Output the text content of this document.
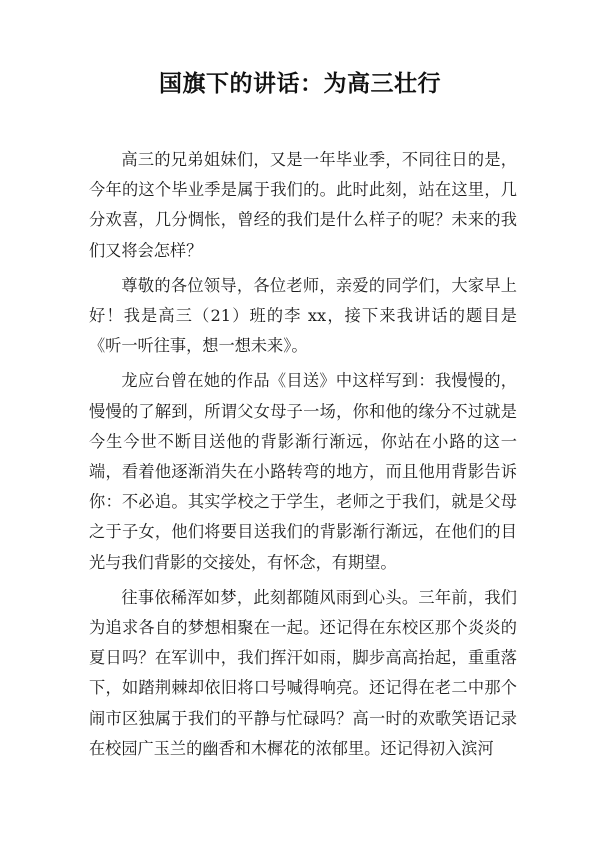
国旗下的讲话：为高三壮行

高三的兄弟姐妹们，又是一年毕业季，不同往日的是，今年的这个毕业季是属于我们的。此时此刻，站在这里，几分欢喜，几分惆怅，曾经的我们是什么样子的呢？未来的我们又将会怎样？

尊敬的各位领导，各位老师，亲爱的同学们，大家早上好！我是高三（21）班的李 xx，接下来我讲话的题目是《听一听往事，想一想未来》。

龙应台曾在她的作品《目送》中这样写到：我慢慢的，慢慢的了解到，所谓父女母子一场，你和他的缘分不过就是今生今世不断目送他的背影渐行渐远，你站在小路的这一端，看着他逐渐消失在小路转弯的地方，而且他用背影告诉你：不必追。其实学校之于学生，老师之于我们，就是父母之于子女，他们将要目送我们的背影渐行渐远，在他们的目光与我们背影的交接处，有怀念，有期望。

往事依稀浑如梦，此刻都随风雨到心头。三年前，我们为追求各自的梦想相聚在一起。还记得在东校区那个炎炎的夏日吗？在军训中，我们挥汗如雨，脚步高高抬起，重重落下，如踏荆棘却依旧将口号喊得响亮。还记得在老二中那个闹市区独属于我们的平静与忙碌吗？高一时的欢歌笑语记录在校园广玉兰的幽香和木樨花的浓郁里。还记得初入滨河
